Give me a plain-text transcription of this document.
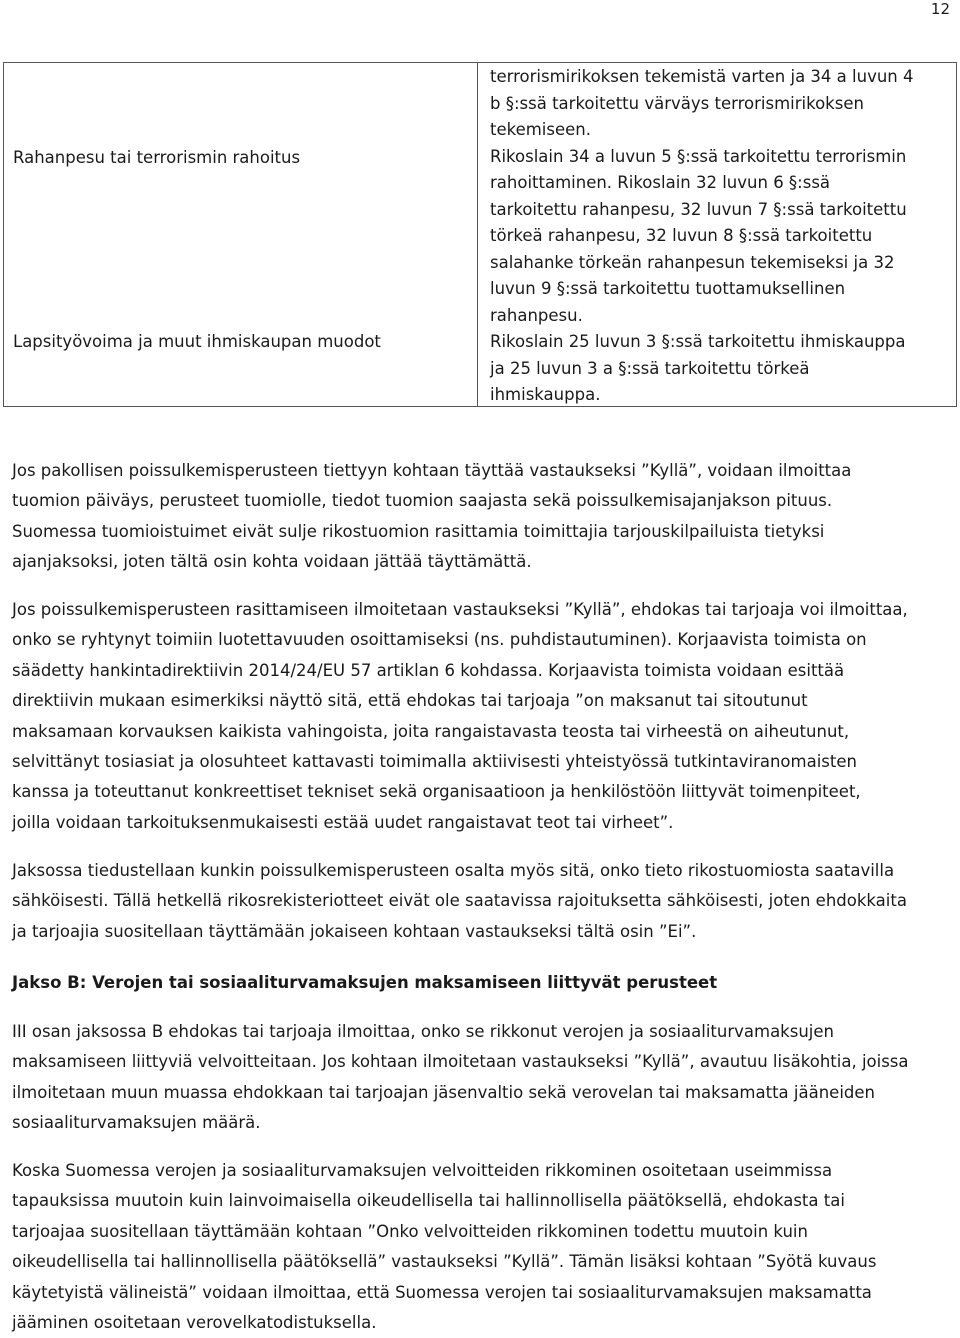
12
Rahanpesu tai terrorismin rahoitus
terrorismirikoksen tekemistä varten ja 34 a luvun 4
b §:ssä tarkoitettu värväys terrorismirikoksen
tekemiseen.
Rikoslain 34 a luvun 5 §:ssä tarkoitettu terrorismin
rahoittaminen. Rikoslain 32 luvun 6 §:ssä
tarkoitettu rahanpesu, 32 luvun 7 §:ssä tarkoitettu
törkeä rahanpesu, 32 luvun 8 §:ssä tarkoitettu
salahanke törkeän rahanpesun tekemiseksi ja 32
luvun 9 §:ssä tarkoitettu tuottamuksellinen
rahanpesu.
Lapsityövoima ja muut ihmiskaupan muodot	Rikoslain 25 luvun 3 §:ssä tarkoitettu ihmiskauppa
ja 25 luvun 3 a §:ssä tarkoitettu törkeä
ihmiskauppa.
Jos pakollisen poissulkemisperusteen tiettyyn kohtaan täyttää vastaukseksi ”Kyllä”, voidaan ilmoittaa
tuomion päiväys, perusteet tuomiolle, tiedot tuomion saajasta sekä poissulkemisajanjakson pituus.
Suomessa tuomioistuimet eivät sulje rikostuomion rasittamia toimittajia tarjouskilpailuista tietyksi
ajanjaksoksi, joten tältä osin kohta voidaan jättää täyttämättä.
Jos poissulkemisperusteen rasittamiseen ilmoitetaan vastaukseksi ”Kyllä”, ehdokas tai tarjoaja voi ilmoittaa,
onko se ryhtynyt toimiin luotettavuuden osoittamiseksi (ns. puhdistautuminen). Korjaavista toimista on
säädetty hankintadirektiivin 2014/24/EU 57 artiklan 6 kohdassa. Korjaavista toimista voidaan esittää
direktiivin mukaan esimerkiksi näyttö sitä, että ehdokas tai tarjoaja ”on maksanut tai sitoutunut
maksamaan korvauksen kaikista vahingoista, joita rangaistavasta teosta tai virheestä on aiheutunut,
selvittänyt tosiasiat ja olosuhteet kattavasti toimimalla aktiivisesti yhteistyössä tutkintaviranomaisten
kanssa ja toteuttanut konkreettiset tekniset sekä organisaatioon ja henkilöstöön liittyvät toimenpiteet,
joilla voidaan tarkoituksenmukaisesti estää uudet rangaistavat teot tai virheet”.
Jaksossa tiedustellaan kunkin poissulkemisperusteen osalta myös sitä, onko tieto rikostuomiosta saatavilla
sähköisesti. Tällä hetkellä rikosrekisteriotteet eivät ole saatavissa rajoituksetta sähköisesti, joten ehdokkaita
ja tarjoajia suositellaan täyttämään jokaiseen kohtaan vastaukseksi tältä osin ”Ei”.
Jakso B: Verojen tai sosiaaliturvamaksujen maksamiseen liittyvät perusteet
III osan jaksossa B ehdokas tai tarjoaja ilmoittaa, onko se rikkonut verojen ja sosiaaliturvamaksujen
maksamiseen liittyviä velvoitteitaan. Jos kohtaan ilmoitetaan vastaukseksi ”Kyllä”, avautuu lisäkohtia, joissa
ilmoitetaan muun muassa ehdokkaan tai tarjoajan jäsenvaltio sekä verovelan tai maksamatta jääneiden
sosiaaliturvamaksujen määrä.
Koska Suomessa verojen ja sosiaaliturvamaksujen velvoitteiden rikkominen osoitetaan useimmissa
tapauksissa muutoin kuin lainvoimaisella oikeudellisella tai hallinnollisella päätöksellä, ehdokasta tai
tarjoajaa suositellaan täyttämään kohtaan ”Onko velvoitteiden rikkominen todettu muutoin kuin
oikeudellisella tai hallinnollisella päätöksellä” vastaukseksi ”Kyllä”. Tämän lisäksi kohtaan ”Syötä kuvaus
käytetyistä välineistä” voidaan ilmoittaa, että Suomessa verojen tai sosiaaliturvamaksujen maksamatta
jääminen osoitetaan verovelkatodistuksella.
